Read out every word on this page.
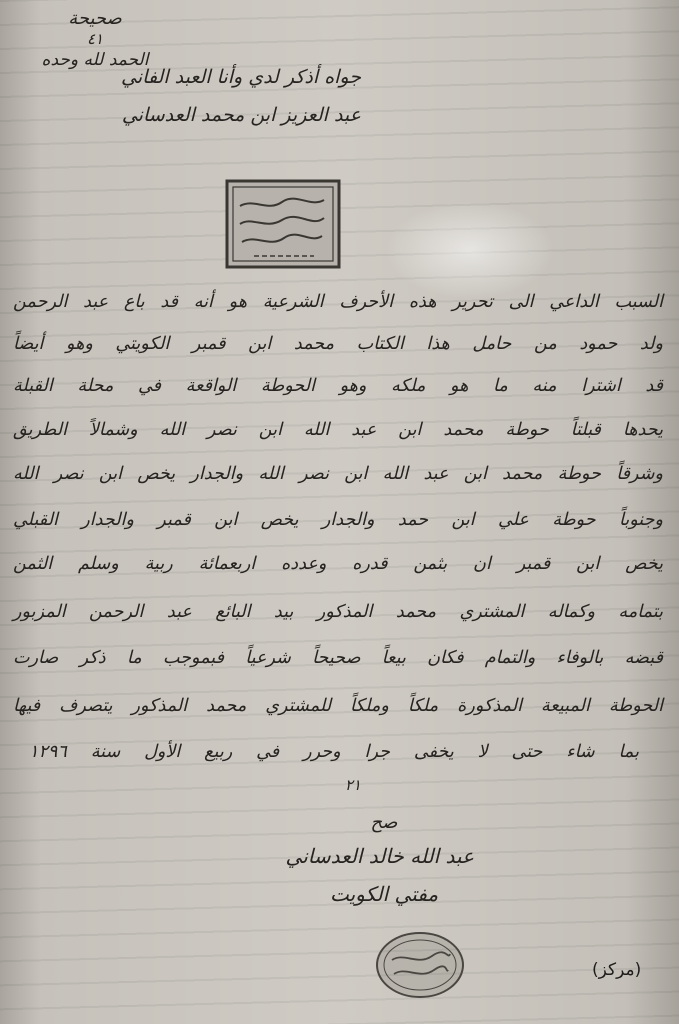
صحيحة
٤١
الحمد لله وحده
جواه أذكر لدي وأنا العبد الفاني
عبد العزيز ابن محمد العدساني
السبب الداعي الى تحرير هذه الأحرف الشرعية هو أنه قد باع عبد الرحمن
ولد حمود من حامل هذا الكتاب محمد ابن قمبر الكويتي وهو أيضاً
قد اشترا منه ما هو ملكه وهو الحوطة الواقعة في محلة القبلة
يحدها قبلتاً حوطة محمد ابن عبد الله ابن نصر الله وشمالاً الطريق
وشرقاً حوطة محمد ابن عبد الله ابن نصر الله والجدار يخص ابن نصر الله
وجنوباً حوطة علي ابن حمد والجدار يخص ابن قمبر والجدار القبلي
يخص ابن قمبر ان بثمن قدره وعدده اربعمائة ربية وسلم الثمن
بتمامه وكماله المشتري محمد المذكور بيد البائع عبد الرحمن المزبور
قبضه بالوفاء والتمام فكان بيعاً صحيحاً شرعياً فبموجب ما ذكر صارت
الحوطة المبيعة المذكورة ملكاً وملكاً للمشتري محمد المذكور يتصرف فيها
بما شاء حتى لا يخفى جرا وحرر في ربيع الأول سنة ١٢٩٦
٢١
صح
عبد الله خالد العدساني
مفتي الكويت
(مركز)
